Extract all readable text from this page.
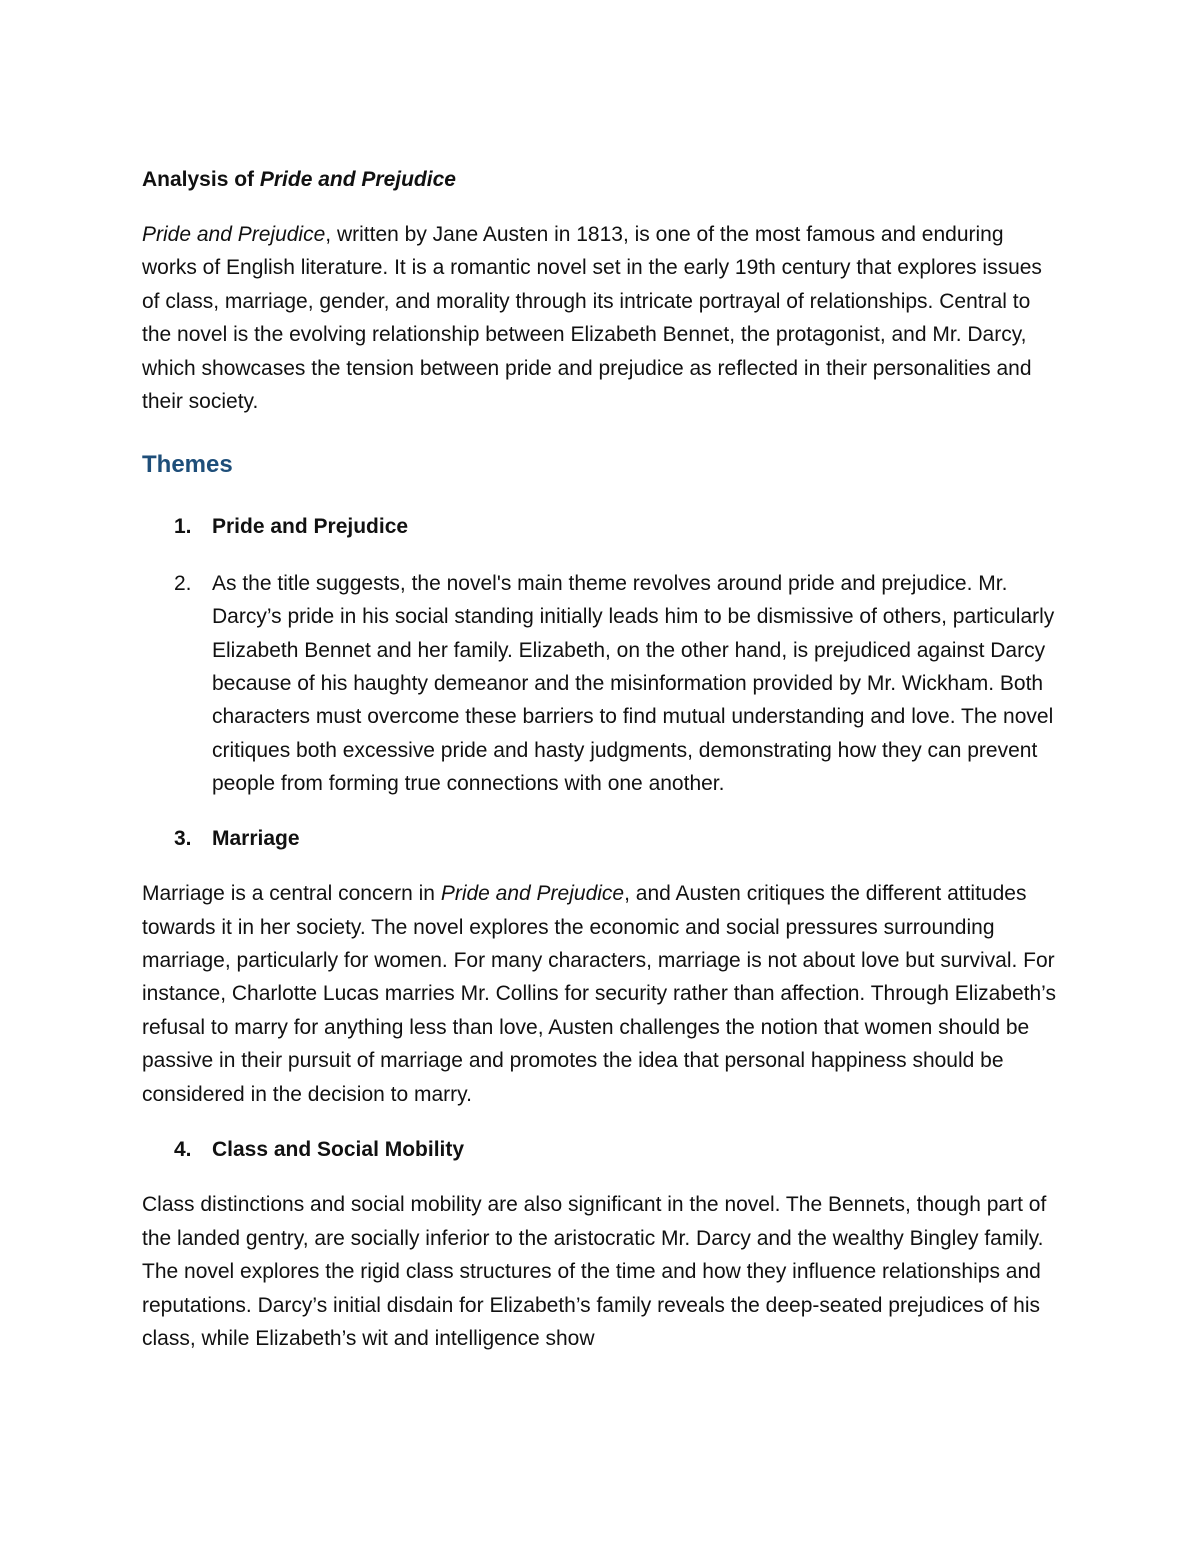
Analysis of Pride and Prejudice

Pride and Prejudice, written by Jane Austen in 1813, is one of the most famous and enduring works of English literature. It is a romantic novel set in the early 19th century that explores issues of class, marriage, gender, and morality through its intricate portrayal of relationships. Central to the novel is the evolving relationship between Elizabeth Bennet, the protagonist, and Mr. Darcy, which showcases the tension between pride and prejudice as reflected in their personalities and their society.

Themes

1. Pride and Prejudice

2. As the title suggests, the novel's main theme revolves around pride and prejudice. Mr. Darcy’s pride in his social standing initially leads him to be dismissive of others, particularly Elizabeth Bennet and her family. Elizabeth, on the other hand, is prejudiced against Darcy because of his haughty demeanor and the misinformation provided by Mr. Wickham. Both characters must overcome these barriers to find mutual understanding and love. The novel critiques both excessive pride and hasty judgments, demonstrating how they can prevent people from forming true connections with one another.

3. Marriage

Marriage is a central concern in Pride and Prejudice, and Austen critiques the different attitudes towards it in her society. The novel explores the economic and social pressures surrounding marriage, particularly for women. For many characters, marriage is not about love but survival. For instance, Charlotte Lucas marries Mr. Collins for security rather than affection. Through Elizabeth’s refusal to marry for anything less than love, Austen challenges the notion that women should be passive in their pursuit of marriage and promotes the idea that personal happiness should be considered in the decision to marry.

4. Class and Social Mobility

Class distinctions and social mobility are also significant in the novel. The Bennets, though part of the landed gentry, are socially inferior to the aristocratic Mr. Darcy and the wealthy Bingley family. The novel explores the rigid class structures of the time and how they influence relationships and reputations. Darcy’s initial disdain for Elizabeth’s family reveals the deep-seated prejudices of his class, while Elizabeth’s wit and intelligence show
